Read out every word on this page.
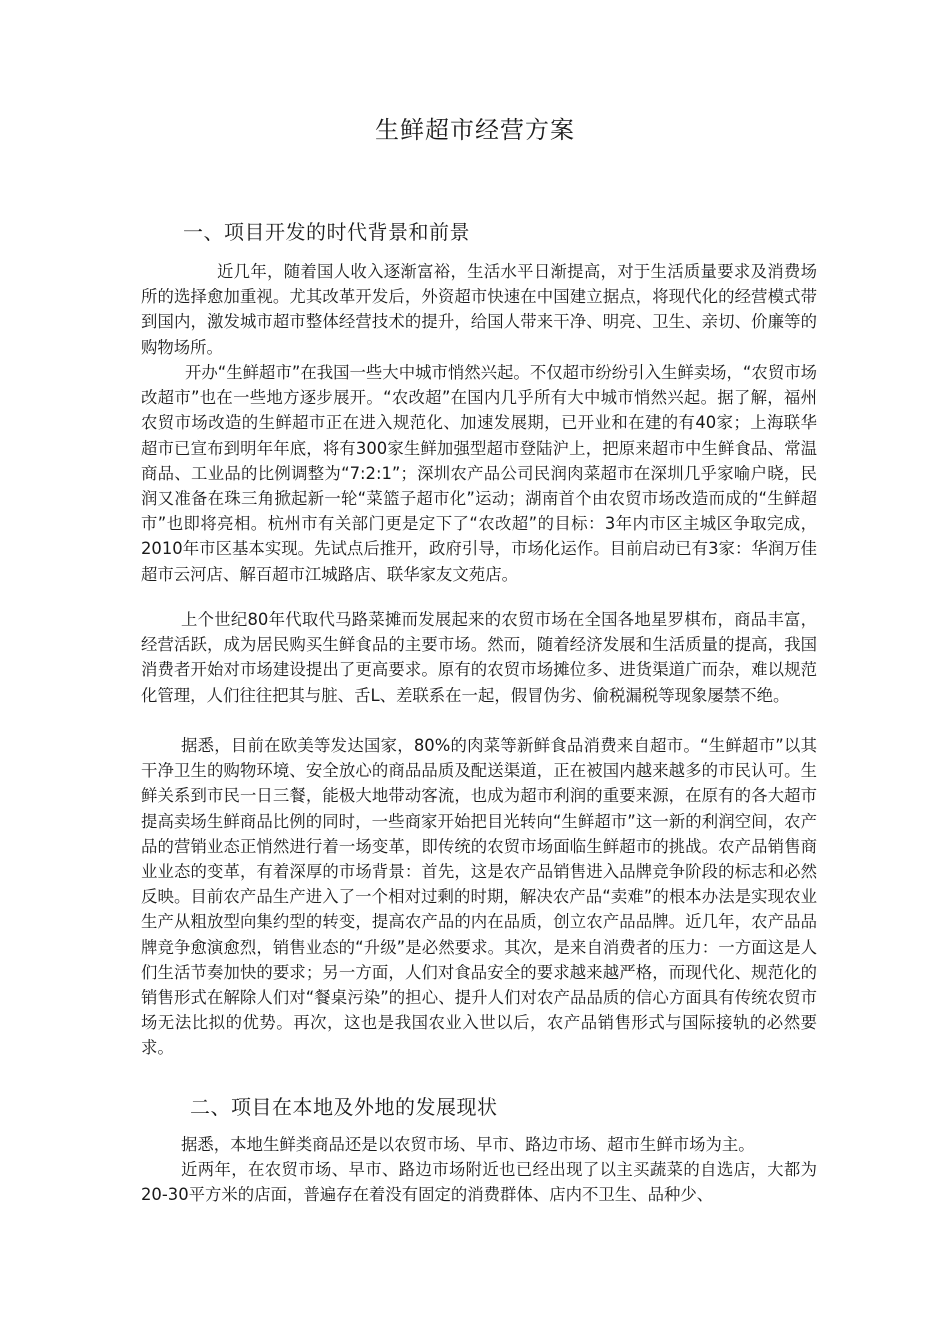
生鲜超市经营方案
一、项目开发的时代背景和前景

近几年，随着国人收入逐渐富裕，生活水平日渐提高，对于生活质量要求及消费场所的选择愈加重视。尤其改革开发后，外资超市快速在中国建立据点，将现代化的经营模式带到国内，激发城市超市整体经营技术的提升，给国人带来干净、明亮、卫生、亲切、价廉等的购物场所。

开办“生鲜超市”在我国一些大中城市悄然兴起。不仅超市纷纷引入生鲜卖场，“农贸市场改超市”也在一些地方逐步展开。“农改超”在国内几乎所有大中城市悄然兴起。据了解，福州农贸市场改造的生鲜超市正在进入规范化、加速发展期，已开业和在建的有40家；上海联华超市已宣布到明年年底，将有300家生鲜加强型超市登陆沪上，把原来超市中生鲜食品、常温商品、工业品的比例调整为“7:2:1”；深圳农产品公司民润肉菜超市在深圳几乎家喻户晓，民润又准备在珠三角掀起新一轮“菜篮子超市化”运动；湖南首个由农贸市场改造而成的“生鲜超市”也即将亮相。杭州市有关部门更是定下了“农改超”的目标：3年内市区主城区争取完成，2010年市区基本实现。先试点后推开，政府引导，市场化运作。目前启动已有3家：华润万佳超市云河店、解百超市江城路店、联华家友文苑店。

上个世纪80年代取代马路菜摊而发展起来的农贸市场在全国各地星罗棋布，商品丰富，经营活跃，成为居民购买生鲜食品的主要市场。然而，随着经济发展和生活质量的提高，我国消费者开始对市场建设提出了更高要求。原有的农贸市场摊位多、进货渠道广而杂，难以规范化管理，人们往往把其与脏、舌L、差联系在一起，假冒伪劣、偷税漏税等现象屡禁不绝。

据悉，目前在欧美等发达国家，80%的肉菜等新鲜食品消费来自超市。“生鲜超市”以其干净卫生的购物环境、安全放心的商品品质及配送渠道，正在被国内越来越多的市民认可。生鲜关系到市民一日三餐，能极大地带动客流，也成为超市利润的重要来源，在原有的各大超市提高卖场生鲜商品比例的同时，一些商家开始把目光转向“生鲜超市”这一新的利润空间，农产品的营销业态正悄然进行着一场变革，即传统的农贸市场面临生鲜超市的挑战。农产品销售商业业态的变革，有着深厚的市场背景：首先，这是农产品销售进入品牌竞争阶段的标志和必然反映。目前农产品生产进入了一个相对过剩的时期，解决农产品“卖难”的根本办法是实现农业生产从粗放型向集约型的转变，提高农产品的内在品质，创立农产品品牌。近几年，农产品品牌竞争愈演愈烈，销售业态的“升级”是必然要求。其次，是来自消费者的压力：一方面这是人们生活节奏加快的要求；另一方面，人们对食品安全的要求越来越严格，而现代化、规范化的销售形式在解除人们对“餐桌污染”的担心、提升人们对农产品品质的信心方面具有传统农贸市场无法比拟的优势。再次，这也是我国农业入世以后，农产品销售形式与国际接轨的必然要求。

二、项目在本地及外地的发展现状

据悉，本地生鲜类商品还是以农贸市场、早市、路边市场、超市生鲜市场为主。

近两年，在农贸市场、早市、路边市场附近也已经出现了以主买蔬菜的自选店，大都为20-30平方米的店面，普遍存在着没有固定的消费群体、店内不卫生、品种少、
